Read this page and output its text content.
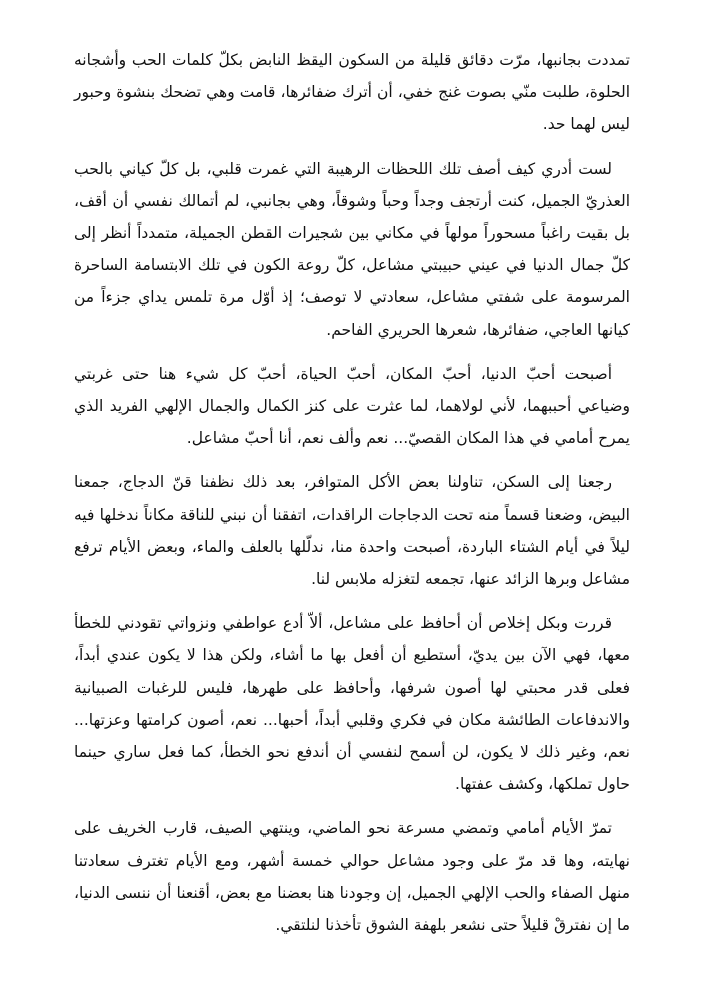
تمددت بجانبها، مرّت دقائق قليلة من السكون اليقظ النابض بكلّ كلمات الحب وأشجانه الحلوة، طلبت منّي بصوت غنج خفي، أن أترك ضفائرها، قامت وهي تضحك بنشوة وحبور ليس لهما حد.

لست أدري كيف أصف تلك اللحظات الرهيبة التي غمرت قلبي، بل كلّ كياني بالحب العذريّ الجميل، كنت أرتجف وجداً وحباً وشوقاً، وهي بجانبي، لم أتمالك نفسي أن أقف، بل بقيت راغباً مسحوراً مولهاً في مكاني بين شجيرات القطن الجميلة، متمدداً أنظر إلى كلّ جمال الدنيا في عيني حبيبتي مشاعل، كلّ روعة الكون في تلك الابتسامة الساحرة المرسومة على شفتي مشاعل، سعادتي لا توصف؛ إذ أوّل مرة تلمس يداي جزءاً من كيانها العاجي، ضفائرها، شعرها الحريري الفاحم.

أصبحت أحبّ الدنيا، أحبّ المكان، أحبّ الحياة، أحبّ كل شيء هنا حتى غربتي وضياعي أحببهما، لأني لولاهما، لما عثرت على كنز الكمال والجمال الإلهي الفريد الذي يمرح أمامي في هذا المكان القصيّ... نعم وألف نعم، أنا أحبّ مشاعل.

رجعنا إلى السكن، تناولنا بعض الأكل المتوافر، بعد ذلك نظفنا قنّ الدجاج، جمعنا البيض، وضعنا قسماً منه تحت الدجاجات الراقدات، اتفقنا أن نبني للناقة مكاناً ندخلها فيه ليلاً في أيام الشتاء الباردة، أصبحت واحدة منا، ندلّلها بالعلف والماء، وبعض الأيام ترفع مشاعل وبرها الزائد عنها، تجمعه لتغزله ملابس لنا.

قررت وبكل إخلاص أن أحافظ على مشاعل، ألاّ أدع عواطفي ونزواتي تقودني للخطأ معها، فهي الآن بين يديّ، أستطيع أن أفعل بها ما أشاء، ولكن هذا لا يكون عندي أبداً، فعلى قدر محبتي لها أصون شرفها، وأحافظ على طهرها، فليس للرغبات الصبيانية والاندفاعات الطائشة مكان في فكري وقلبي أبداً، أحبها... نعم، أصون كرامتها وعزتها... نعم، وغير ذلك لا يكون، لن أسمح لنفسي أن أندفع نحو الخطأ، كما فعل ساري حينما حاول تملكها، وكشف عفتها.

تمرّ الأيام أمامي وتمضي مسرعة نحو الماضي، وينتهي الصيف، قارب الخريف على نهايته، وها قد مرّ على وجود مشاعل حوالي خمسة أشهر، ومع الأيام تغترف سعادتنا منهل الصفاء والحب الإلهي الجميل، إن وجودنا هنا بعضنا مع بعض، أقنعنا أن ننسى الدنيا، ما إن نفترقْ قليلاً حتى نشعر بلهفة الشوق تأخذنا لنلتقي.
